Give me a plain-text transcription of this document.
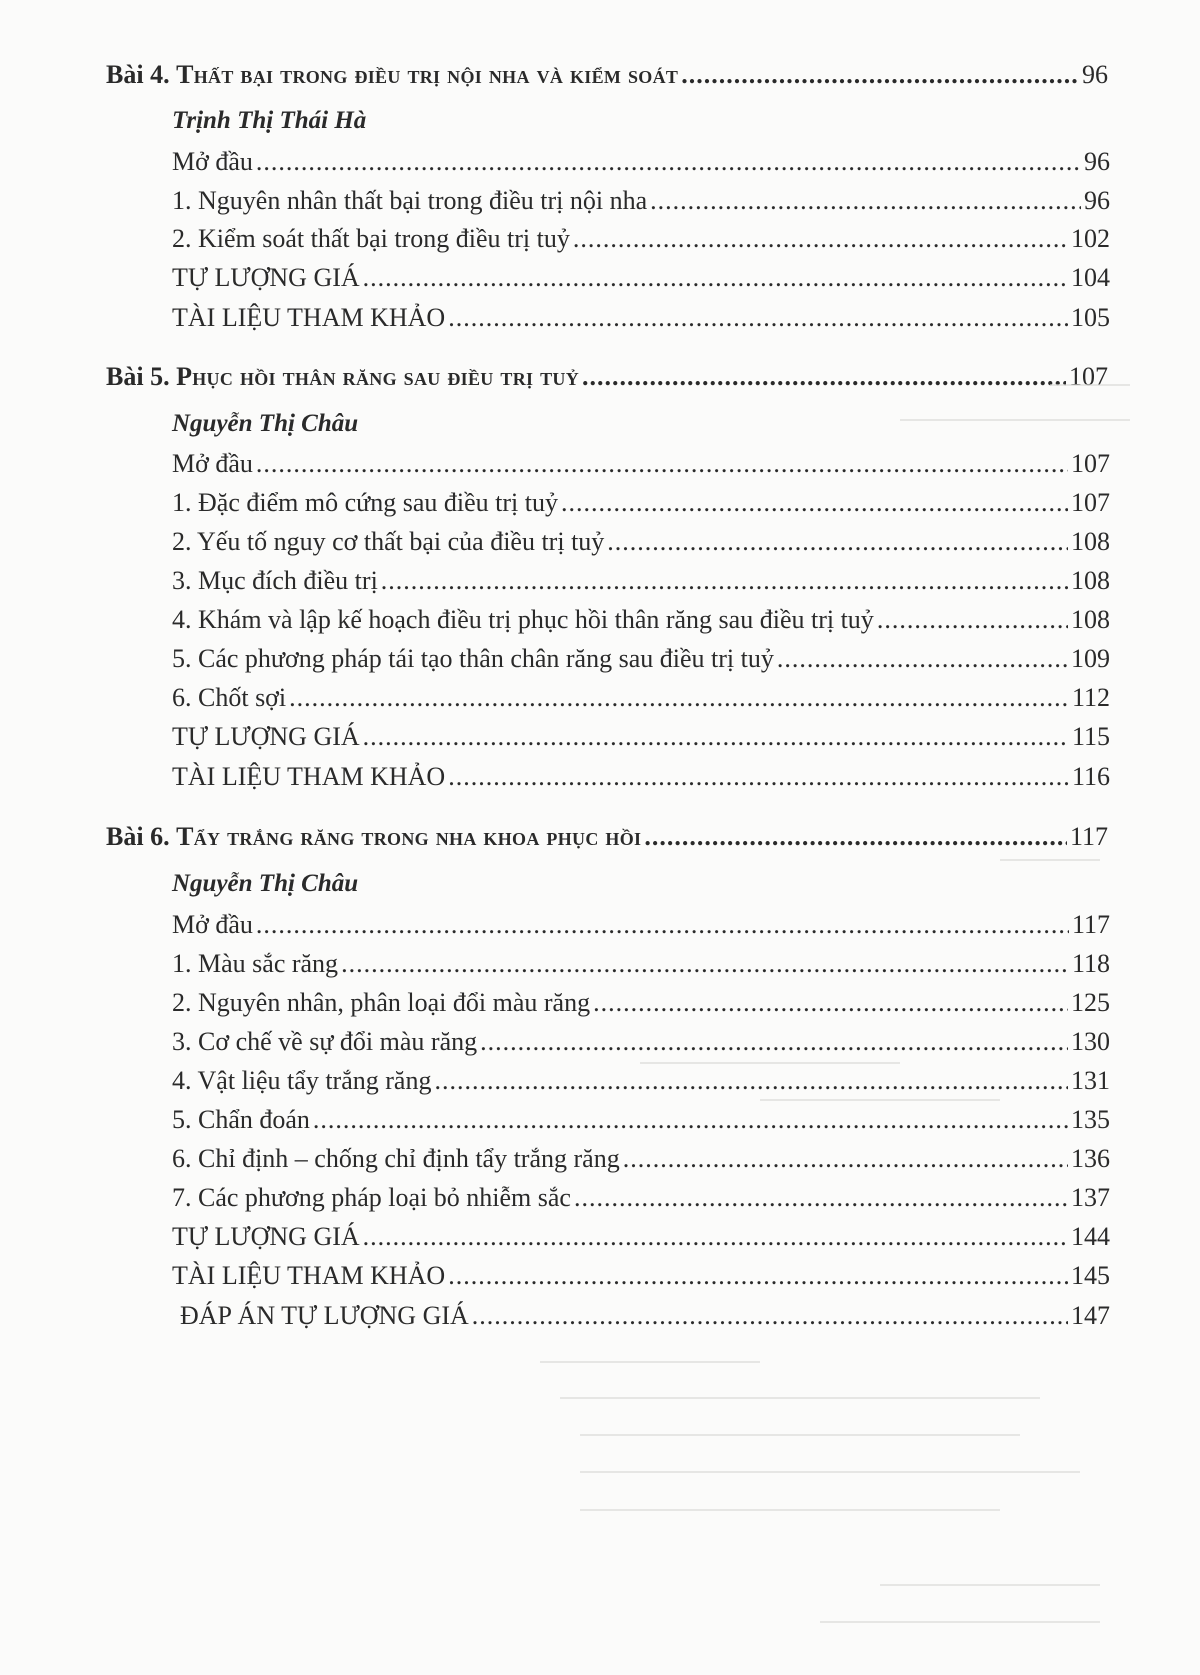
Bài 4. Thất bại trong điều trị nội nha và kiểm soát .....	96
Trịnh Thị Thái Hà
Mở đầu .....	96
1. Nguyên nhân thất bại trong điều trị nội nha .....	96
2. Kiểm soát thất bại trong điều trị tuỷ .....	102
TỰ LƯỢNG GIÁ .....	104
TÀI LIỆU THAM KHẢO .....	105
Bài 5. Phục hồi thân răng sau điều trị tuỷ .....	107
Nguyễn Thị Châu
Mở đầu .....	107
1. Đặc điểm mô cứng sau điều trị tuỷ .....	107
2. Yếu tố nguy cơ thất bại của điều trị tuỷ .....	108
3. Mục đích điều trị .....	108
4. Khám và lập kế hoạch điều trị phục hồi thân răng sau điều trị tuỷ .....	108
5. Các phương pháp tái tạo thân chân răng sau điều trị tuỷ .....	109
6. Chốt sợi .....	112
TỰ LƯỢNG GIÁ .....	115
TÀI LIỆU THAM KHẢO .....	116
Bài 6. Tẩy trắng răng trong nha khoa phục hồi .....	117
Nguyễn Thị Châu
Mở đầu .....	117
1. Màu sắc răng .....	118
2. Nguyên nhân, phân loại đổi màu răng .....	125
3. Cơ chế về sự đổi màu răng .....	130
4. Vật liệu tẩy trắng răng .....	131
5. Chẩn đoán .....	135
6. Chỉ định – chống chỉ định tẩy trắng răng .....	136
7. Các phương pháp loại bỏ nhiễm sắc .....	137
TỰ LƯỢNG GIÁ .....	144
TÀI LIỆU THAM KHẢO .....	145
ĐÁP ÁN TỰ LƯỢNG GIÁ .....	147
